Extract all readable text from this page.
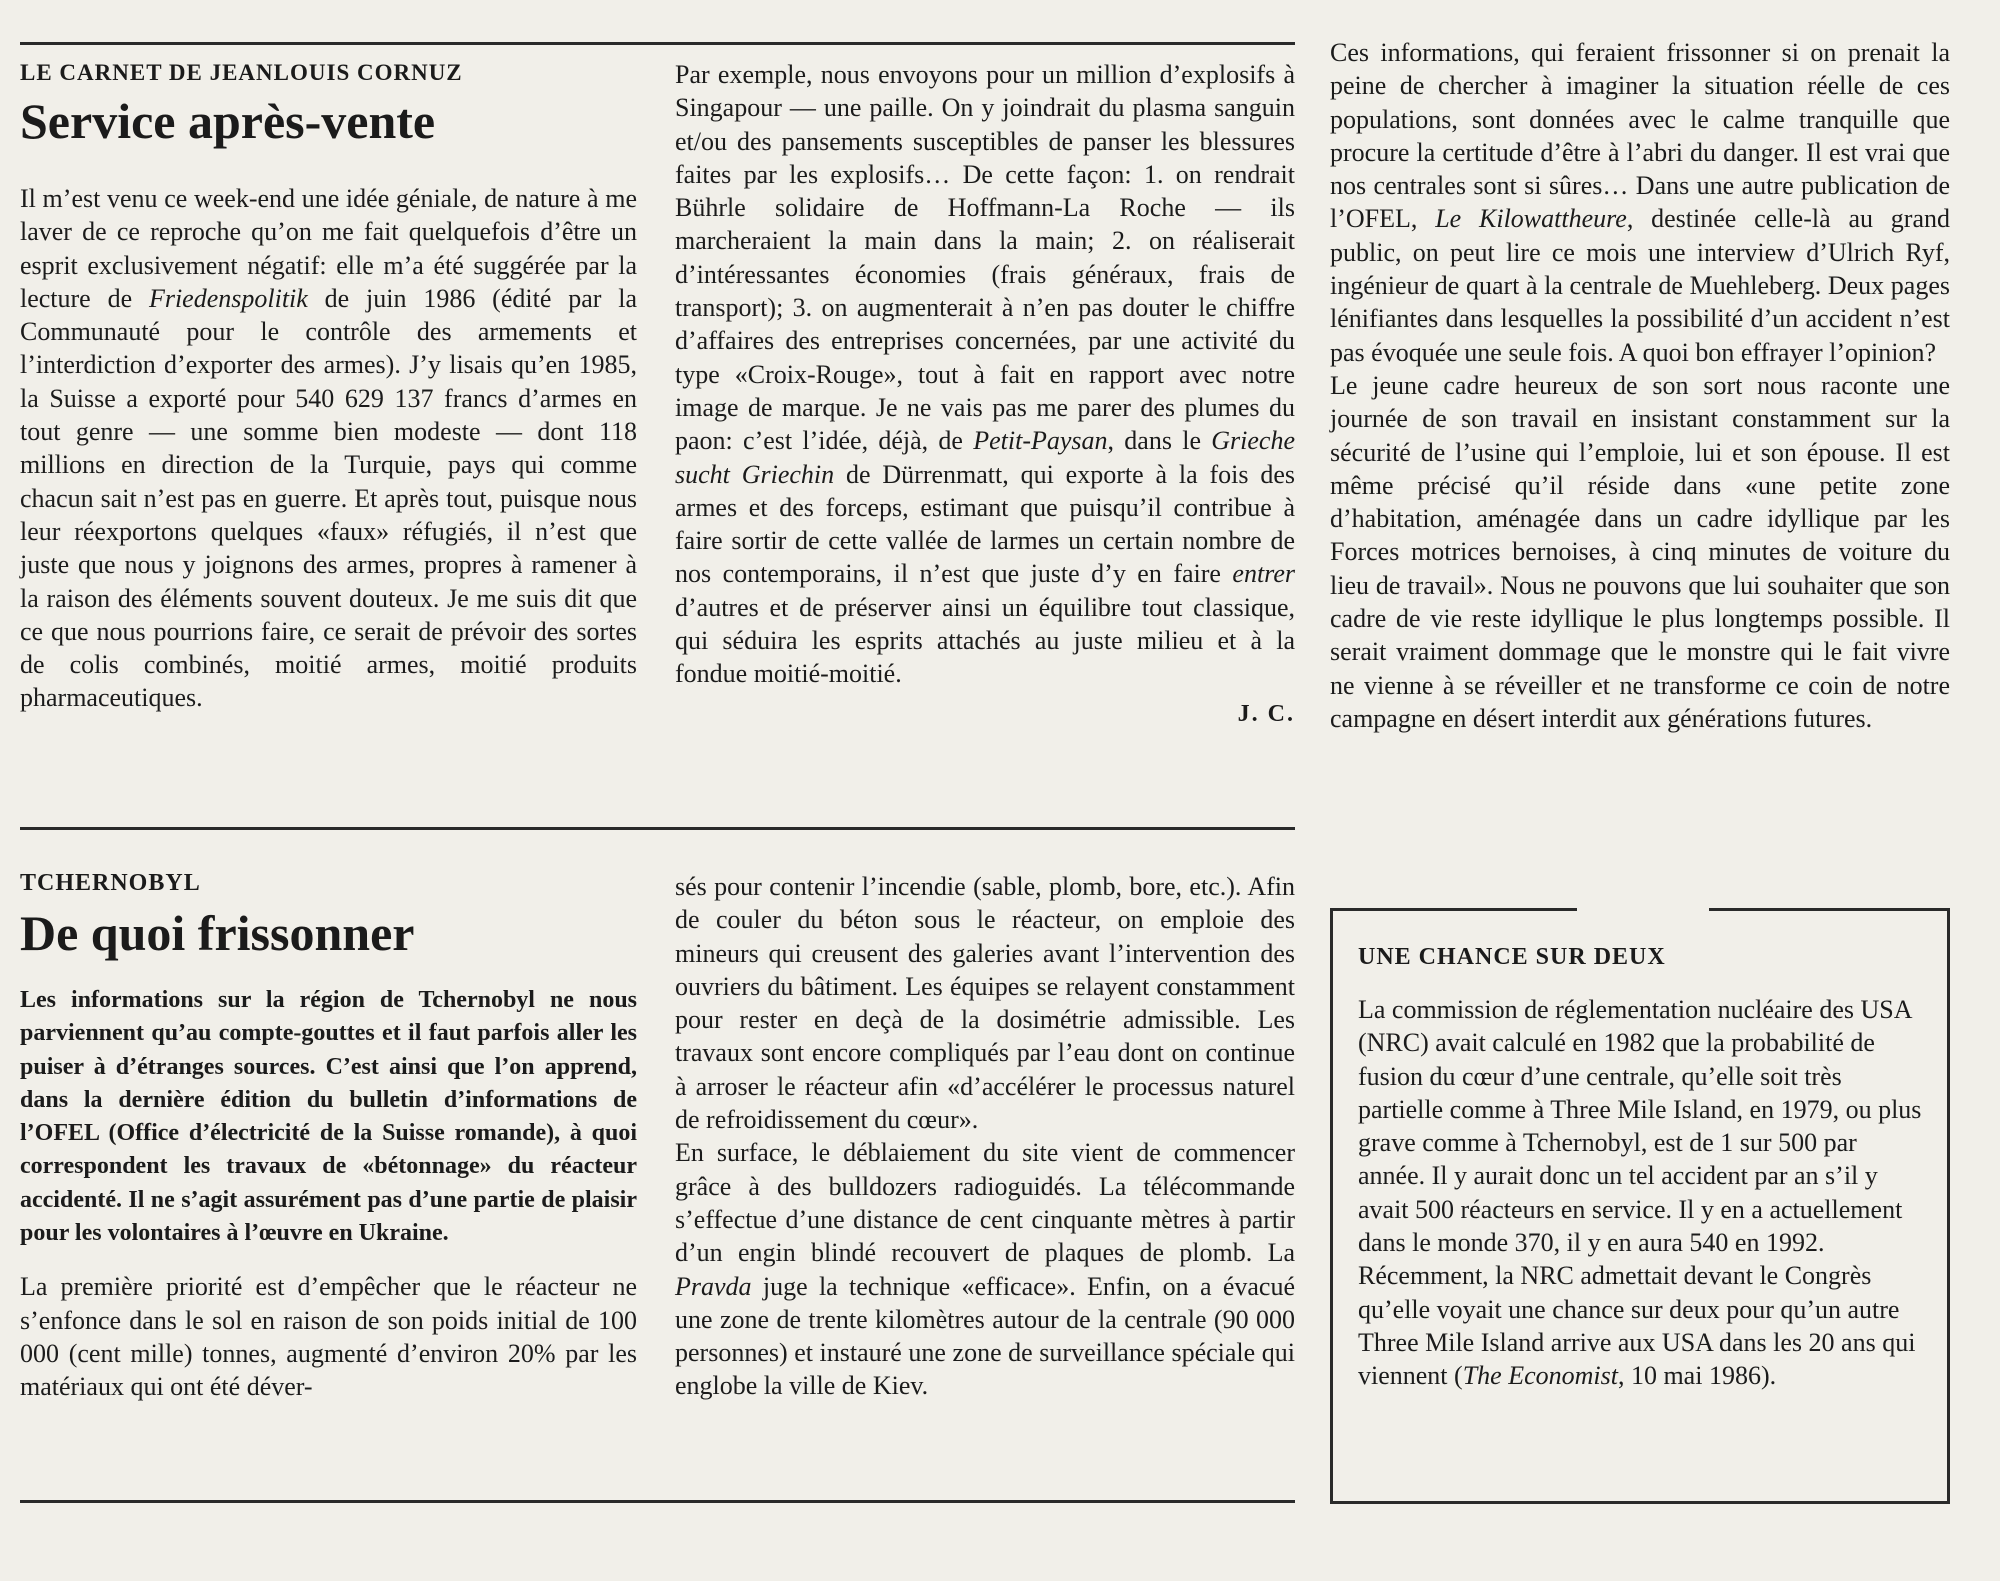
LE CARNET DE JEANLOUIS CORNUZ

Service après-vente

Il m’est venu ce week-end une idée géniale, de nature à me laver de ce reproche qu’on me fait quelquefois d’être un esprit exclusivement négatif: elle m’a été suggérée par la lecture de Friedenspolitik de juin 1986 (édité par la Communauté pour le contrôle des armements et l’interdiction d’exporter des armes). J’y lisais qu’en 1985, la Suisse a exporté pour 540 629 137 francs d’armes en tout genre — une somme bien modeste — dont 118 millions en direction de la Turquie, pays qui comme chacun sait n’est pas en guerre. Et après tout, puisque nous leur réexportons quelques «faux» réfugiés, il n’est que juste que nous y joignons des armes, propres à ramener à la raison des éléments souvent douteux. Je me suis dit que ce que nous pourrions faire, ce serait de prévoir des sortes de colis combinés, moitié armes, moitié produits pharmaceutiques.

Par exemple, nous envoyons pour un million d’explosifs à Singapour — une paille. On y joindrait du plasma sanguin et/ou des pansements susceptibles de panser les blessures faites par les explosifs… De cette façon: 1. on rendrait Bührle solidaire de Hoffmann-La Roche — ils marcheraient la main dans la main; 2. on réaliserait d’intéressantes économies (frais généraux, frais de transport); 3. on augmenterait à n’en pas douter le chiffre d’affaires des entreprises concernées, par une activité du type «Croix-Rouge», tout à fait en rapport avec notre image de marque. Je ne vais pas me parer des plumes du paon: c’est l’idée, déjà, de Petit-Paysan, dans le Grieche sucht Griechin de Dürrenmatt, qui exporte à la fois des armes et des forceps, estimant que puisqu’il contribue à faire sortir de cette vallée de larmes un certain nombre de nos contemporains, il n’est que juste d’y en faire entrer d’autres et de préserver ainsi un équilibre tout classique, qui séduira les esprits attachés au juste milieu et à la fondue moitié-moitié.

J. C.

TCHERNOBYL

De quoi frissonner

Les informations sur la région de Tchernobyl ne nous parviennent qu’au compte-gouttes et il faut parfois aller les puiser à d’étranges sources. C’est ainsi que l’on apprend, dans la dernière édition du bulletin d’informations de l’OFEL (Office d’électricité de la Suisse romande), à quoi correspondent les travaux de «bétonnage» du réacteur accidenté. Il ne s’agit assurément pas d’une partie de plaisir pour les volontaires à l’œuvre en Ukraine.

La première priorité est d’empêcher que le réacteur ne s’enfonce dans le sol en raison de son poids initial de 100 000 (cent mille) tonnes, augmenté d’environ 20% par les matériaux qui ont été déver-

sés pour contenir l’incendie (sable, plomb, bore, etc.). Afin de couler du béton sous le réacteur, on emploie des mineurs qui creusent des galeries avant l’intervention des ouvriers du bâtiment. Les équipes se relayent constamment pour rester en deçà de la dosimétrie admissible. Les travaux sont encore compliqués par l’eau dont on continue à arroser le réacteur afin «d’accélérer le processus naturel de refroidissement du cœur».
En surface, le déblaiement du site vient de commencer grâce à des bulldozers radioguidés. La télécommande s’effectue d’une distance de cent cinquante mètres à partir d’un engin blindé recouvert de plaques de plomb. La Pravda juge la technique «efficace». Enfin, on a évacué une zone de trente kilomètres autour de la centrale (90 000 personnes) et instauré une zone de surveillance spéciale qui englobe la ville de Kiev.

Ces informations, qui feraient frissonner si on prenait la peine de chercher à imaginer la situation réelle de ces populations, sont données avec le calme tranquille que procure la certitude d’être à l’abri du danger. Il est vrai que nos centrales sont si sûres… Dans une autre publication de l’OFEL, Le Kilowattheure, destinée celle-là au grand public, on peut lire ce mois une interview d’Ulrich Ryf, ingénieur de quart à la centrale de Muehleberg. Deux pages lénifiantes dans lesquelles la possibilité d’un accident n’est pas évoquée une seule fois. A quoi bon effrayer l’opinion?
Le jeune cadre heureux de son sort nous raconte une journée de son travail en insistant constamment sur la sécurité de l’usine qui l’emploie, lui et son épouse. Il est même précisé qu’il réside dans «une petite zone d’habitation, aménagée dans un cadre idyllique par les Forces motrices bernoises, à cinq minutes de voiture du lieu de travail». Nous ne pouvons que lui souhaiter que son cadre de vie reste idyllique le plus longtemps possible. Il serait vraiment dommage que le monstre qui le fait vivre ne vienne à se réveiller et ne transforme ce coin de notre campagne en désert interdit aux générations futures.

UNE CHANCE SUR DEUX

La commission de réglementation nucléaire des USA (NRC) avait calculé en 1982 que la probabilité de fusion du cœur d’une centrale, qu’elle soit très partielle comme à Three Mile Island, en 1979, ou plus grave comme à Tchernobyl, est de 1 sur 500 par année. Il y aurait donc un tel accident par an s’il y avait 500 réacteurs en service. Il y en a actuellement dans le monde 370, il y en aura 540 en 1992. Récemment, la NRC admettait devant le Congrès qu’elle voyait une chance sur deux pour qu’un autre Three Mile Island arrive aux USA dans les 20 ans qui viennent (The Economist, 10 mai 1986).
